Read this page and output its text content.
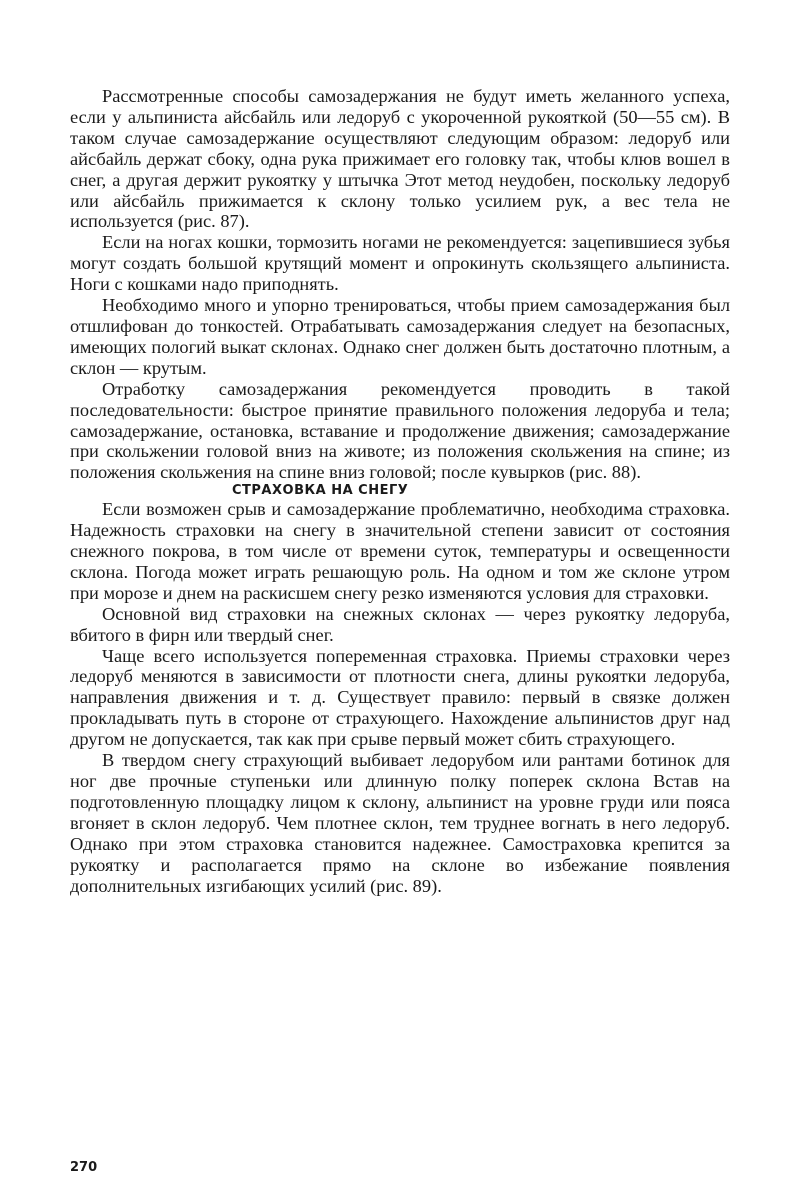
Рассмотренные способы самозадержания не будут иметь желанного успеха, если у альпиниста айсбайль или ледоруб с укороченной рукояткой (50—55 см). В таком случае самозадержание осуществляют следующим образом: ледоруб или айсбайль держат сбоку, одна рука прижимает его головку так, чтобы клюв вошел в снег, а другая держит рукоятку у штычка Этот метод неудобен, поскольку ледоруб или айсбайль прижимается к склону только усилием рук, а вес тела не используется (рис. 87).

Если на ногах кошки, тормозить ногами не рекомендуется: зацепившиеся зубья могут создать большой крутящий момент и опрокинуть скользящего альпиниста. Ноги с кошками надо приподнять.

Необходимо много и упорно тренироваться, чтобы прием самозадержания был отшлифован до тонкостей. Отрабатывать самозадержания следует на безопасных, имеющих пологий выкат склонах. Однако снег должен быть достаточно плотным, а склон — крутым.

Отработку самозадержания рекомендуется проводить в такой последовательности: быстрое принятие правильного положения ледоруба и тела; самозадержание, остановка, вставание и продолжение движения; самозадержание при скольжении головой вниз на животе; из положения скольжения на спине; из положения скольжения на спине вниз головой; после кувырков (рис. 88).

СТРАХОВКА НА СНЕГУ

Если возможен срыв и самозадержание проблематично, необходима страховка. Надежность страховки на снегу в значительной степени зависит от состояния снежного покрова, в том числе от времени суток, температуры и освещенности склона. Погода может играть решающую роль. На одном и том же склоне утром при морозе и днем на раскисшем снегу резко изменяются условия для страховки.

Основной вид страховки на снежных склонах — через рукоятку ледоруба, вбитого в фирн или твердый снег.

Чаще всего используется попеременная страховка. Приемы страховки через ледоруб меняются в зависимости от плотности снега, длины рукоятки ледоруба, направления движения и т. д. Существует правило: первый в связке должен прокладывать путь в стороне от страхующего. Нахождение альпинистов друг над другом не допускается, так как при срыве первый может сбить страхующего.

В твердом снегу страхующий выбивает ледорубом или рантами ботинок для ног две прочные ступеньки или длинную полку поперек склона Встав на подготовленную площадку лицом к склону, альпинист на уровне груди или пояса вгоняет в склон ледоруб. Чем плотнее склон, тем труднее вогнать в него ледоруб. Однако при этом страховка становится надежнее. Самостраховка крепится за рукоятку и располагается прямо на склоне во избежание появления дополнительных изгибающих усилий (рис. 89).

270
